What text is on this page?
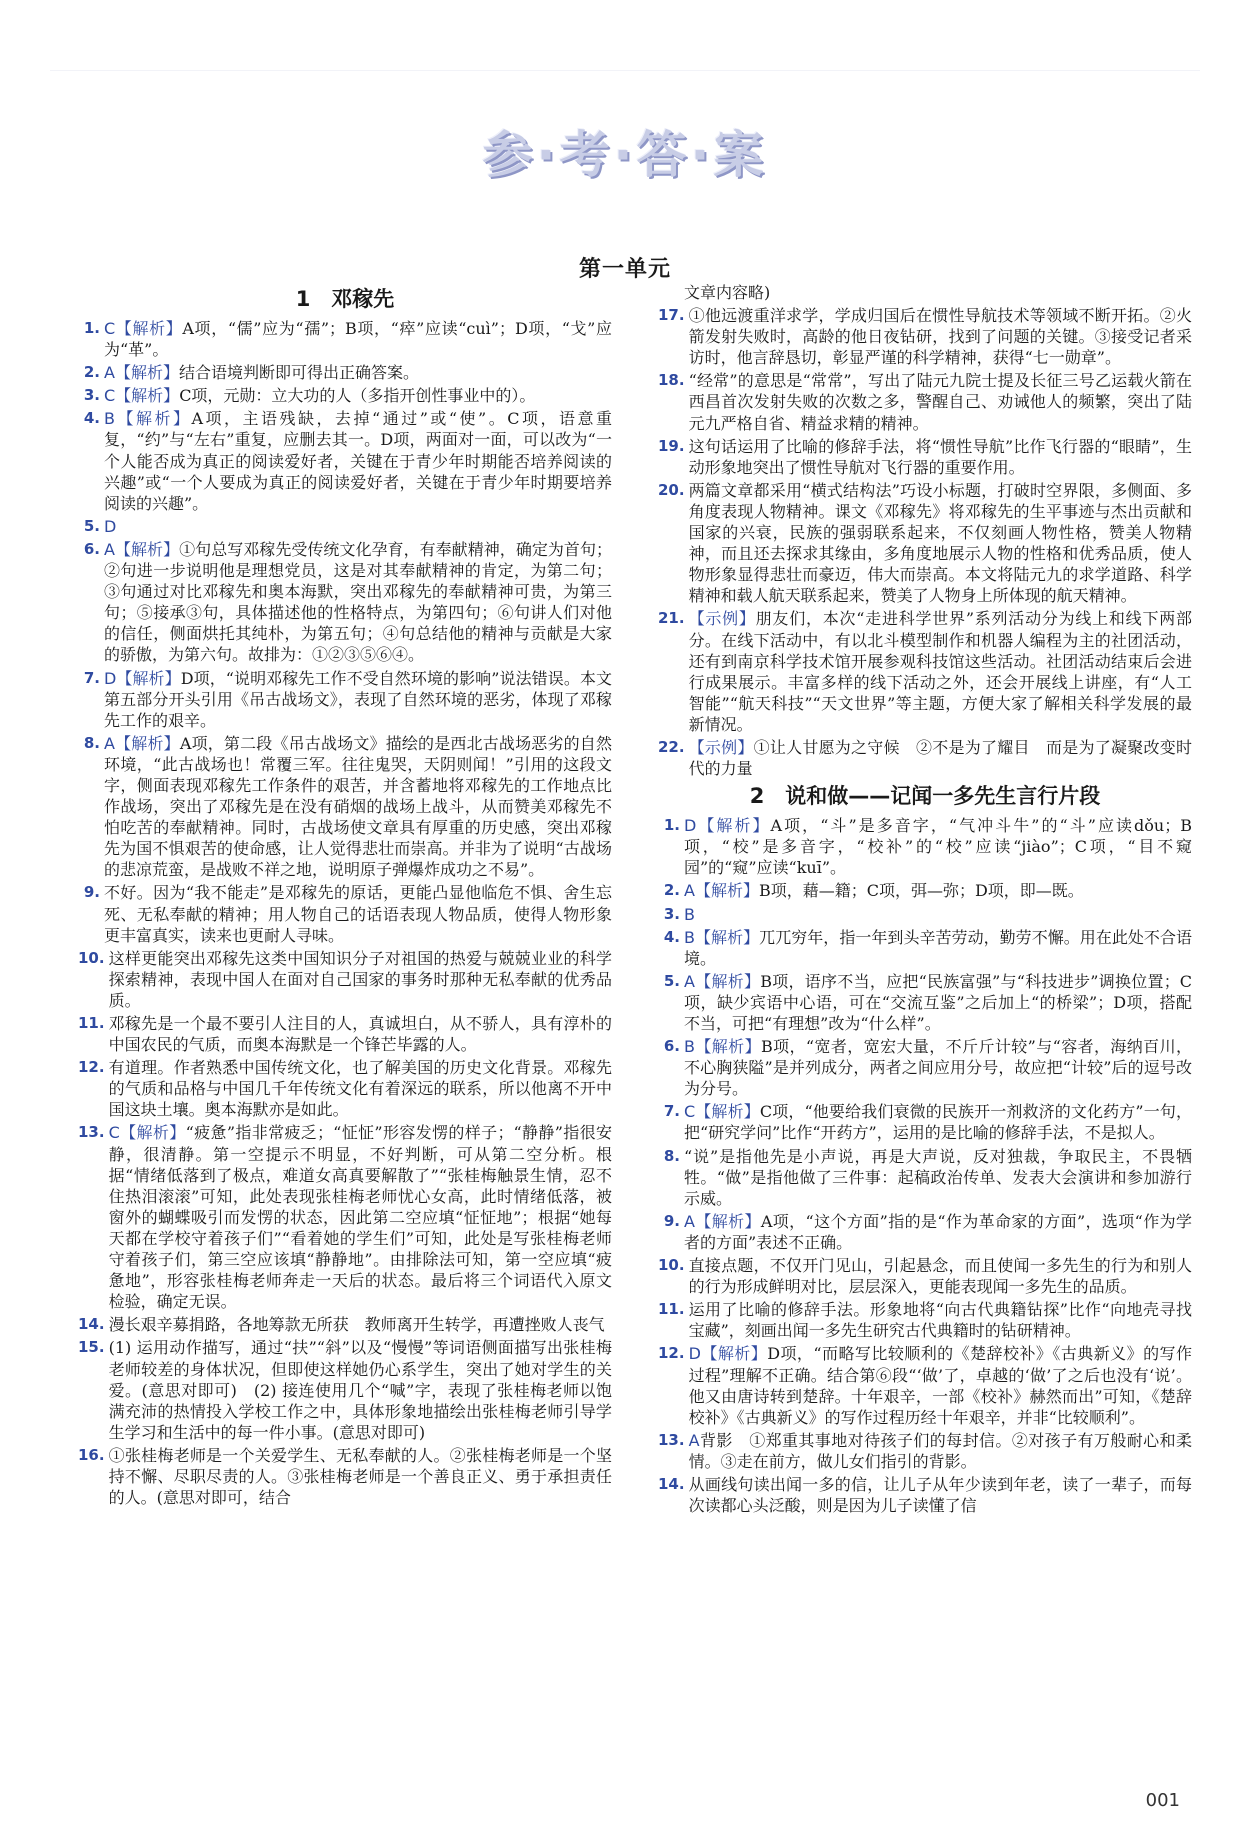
参·考·答·案
第一单元
1　邓稼先
1. C【解析】A项，“儒”应为“孺”；B项，“瘁”应读“cuì”；D项，“戈”应为“革”。
2. A【解析】结合语境判断即可得出正确答案。
3. C【解析】C项，元勋：立大功的人（多指开创性事业中的）。
4. B【解析】A项，主语残缺，去掉“通过”或“使”。C项，语意重复，“约”与“左右”重复，应删去其一。D项，两面对一面，可以改为“一个人能否成为真正的阅读爱好者，关键在于青少年时期能否培养阅读的兴趣”或“一个人要成为真正的阅读爱好者，关键在于青少年时期要培养阅读的兴趣”。
5. D
6. A【解析】①句总写邓稼先受传统文化孕育，有奉献精神，确定为首句；②句进一步说明他是理想党员，这是对其奉献精神的肯定，为第二句；③句通过对比邓稼先和奥本海默，突出邓稼先的奉献精神可贵，为第三句；⑤接承③句，具体描述他的性格特点，为第四句；⑥句讲人们对他的信任，侧面烘托其纯朴，为第五句；④句总结他的精神与贡献是大家的骄傲，为第六句。故排为：①②③⑤⑥④。
7. D【解析】D项，“说明邓稼先工作不受自然环境的影响”说法错误。本文第五部分开头引用《吊古战场文》，表现了自然环境的恶劣，体现了邓稼先工作的艰辛。
8. A【解析】A项，第二段《吊古战场文》描绘的是西北古战场恶劣的自然环境，“此古战场也！常覆三军。往往鬼哭，天阴则闻！”引用的这段文字，侧面表现邓稼先工作条件的艰苦，并含蓄地将邓稼先的工作地点比作战场，突出了邓稼先是在没有硝烟的战场上战斗，从而赞美邓稼先不怕吃苦的奉献精神。同时，古战场使文章具有厚重的历史感，突出邓稼先为国不惧艰苦的使命感，让人觉得悲壮而崇高。并非为了说明“古战场的悲凉荒蛮，是战败不祥之地，说明原子弹爆炸成功之不易”。
9. 不好。因为“我不能走”是邓稼先的原话，更能凸显他临危不惧、舍生忘死、无私奉献的精神；用人物自己的话语表现人物品质，使得人物形象更丰富真实，读来也更耐人寻味。
10. 这样更能突出邓稼先这类中国知识分子对祖国的热爱与兢兢业业的科学探索精神，表现中国人在面对自己国家的事务时那种无私奉献的优秀品质。
11. 邓稼先是一个最不要引人注目的人，真诚坦白，从不骄人，具有淳朴的中国农民的气质，而奥本海默是一个锋芒毕露的人。
12. 有道理。作者熟悉中国传统文化，也了解美国的历史文化背景。邓稼先的气质和品格与中国几千年传统文化有着深远的联系，所以他离不开中国这块土壤。奥本海默亦是如此。
13. C【解析】“疲惫”指非常疲乏；“怔怔”形容发愣的样子；“静静”指很安静，很清静。第一空提示不明显，不好判断，可从第二空分析。根据“情绪低落到了极点，难道女高真要解散了”“张桂梅触景生情，忍不住热泪滚滚”可知，此处表现张桂梅老师忧心女高，此时情绪低落，被窗外的蝴蝶吸引而发愣的状态，因此第二空应填“怔怔地”；根据“她每天都在学校守着孩子们”“看着她的学生们”可知，此处是写张桂梅老师守着孩子们，第三空应该填“静静地”。由排除法可知，第一空应填“疲惫地”，形容张桂梅老师奔走一天后的状态。最后将三个词语代入原文检验，确定无误。
14. 漫长艰辛募捐路，各地筹款无所获　教师离开生转学，再遭挫败人丧气
15. (1) 运用动作描写，通过“扶”“斜”以及“慢慢”等词语侧面描写出张桂梅老师较差的身体状况，但即使这样她仍心系学生，突出了她对学生的关爱。(意思对即可)　(2) 接连使用几个“喊”字，表现了张桂梅老师以饱满充沛的热情投入学校工作之中，具体形象地描绘出张桂梅老师引导学生学习和生活中的每一件小事。(意思对即可)
16. ①张桂梅老师是一个关爱学生、无私奉献的人。②张桂梅老师是一个坚持不懈、尽职尽责的人。③张桂梅老师是一个善良正义、勇于承担责任的人。(意思对即可，结合
文章内容略)
17. ①他远渡重洋求学，学成归国后在惯性导航技术等领域不断开拓。②火箭发射失败时，高龄的他日夜钻研，找到了问题的关键。③接受记者采访时，他言辞恳切，彰显严谨的科学精神，获得“七一勋章”。
18. “经常”的意思是“常常”，写出了陆元九院士提及长征三号乙运载火箭在西昌首次发射失败的次数之多，警醒自己、劝诫他人的频繁，突出了陆元九严格自省、精益求精的精神。
19. 这句话运用了比喻的修辞手法，将“惯性导航”比作飞行器的“眼睛”，生动形象地突出了惯性导航对飞行器的重要作用。
20. 两篇文章都采用“横式结构法”巧设小标题，打破时空界限，多侧面、多角度表现人物精神。课文《邓稼先》将邓稼先的生平事迹与杰出贡献和国家的兴衰，民族的强弱联系起来，不仅刻画人物性格，赞美人物精神，而且还去探求其缘由，多角度地展示人物的性格和优秀品质，使人物形象显得悲壮而豪迈，伟大而崇高。本文将陆元九的求学道路、科学精神和载人航天联系起来，赞美了人物身上所体现的航天精神。
21. 【示例】朋友们，本次“走进科学世界”系列活动分为线上和线下两部分。在线下活动中，有以北斗模型制作和机器人编程为主的社团活动，还有到南京科学技术馆开展参观科技馆这些活动。社团活动结束后会进行成果展示。丰富多样的线下活动之外，还会开展线上讲座，有“人工智能”“航天科技”“天文世界”等主题，方便大家了解相关科学发展的最新情况。
22. 【示例】①让人甘愿为之守候　②不是为了耀目　而是为了凝聚改变时代的力量
2　说和做——记闻一多先生言行片段
1. D【解析】A项，“斗”是多音字，“气冲斗牛”的“斗”应读dǒu；B项，“校”是多音字，“校补”的“校”应读“jiào”；C项，“目不窥园”的“窥”应读“kuī”。
2. A【解析】B项，藉—籍；C项，弭—弥；D项，即—既。
3. B
4. B【解析】兀兀穷年，指一年到头辛苦劳动，勤劳不懈。用在此处不合语境。
5. A【解析】B项，语序不当，应把“民族富强”与“科技进步”调换位置；C项，缺少宾语中心语，可在“交流互鉴”之后加上“的桥梁”；D项，搭配不当，可把“有理想”改为“什么样”。
6. B【解析】B项，“宽者，宽宏大量，不斤斤计较”与“容者，海纳百川，不心胸狭隘”是并列成分，两者之间应用分号，故应把“计较”后的逗号改为分号。
7. C【解析】C项，“他要给我们衰微的民族开一剂救济的文化药方”一句，把“研究学问”比作“开药方”，运用的是比喻的修辞手法，不是拟人。
8. “说”是指他先是小声说，再是大声说，反对独裁，争取民主，不畏牺牲。“做”是指他做了三件事：起稿政治传单、发表大会演讲和参加游行示威。
9. A【解析】A项，“这个方面”指的是“作为革命家的方面”，选项“作为学者的方面”表述不正确。
10. 直接点题，不仅开门见山，引起悬念，而且使闻一多先生的行为和别人的行为形成鲜明对比，层层深入，更能表现闻一多先生的品质。
11. 运用了比喻的修辞手法。形象地将“向古代典籍钻探”比作“向地壳寻找宝藏”，刻画出闻一多先生研究古代典籍时的钻研精神。
12. D【解析】D项，“而略写比较顺利的《楚辞校补》《古典新义》的写作过程”理解不正确。结合第⑥段“‘做’了，卓越的‘做’了之后也没有‘说’。他又由唐诗转到楚辞。十年艰辛，一部《校补》赫然而出”可知，《楚辞校补》《古典新义》的写作过程历经十年艰辛，并非“比较顺利”。
13. A背影　①郑重其事地对待孩子们的每封信。②对孩子有万般耐心和柔情。③走在前方，做儿女们指引的背影。
14. 从画线句读出闻一多的信，让儿子从年少读到年老，读了一辈子，而每次读都心头泛酸，则是因为儿子读懂了信
001
